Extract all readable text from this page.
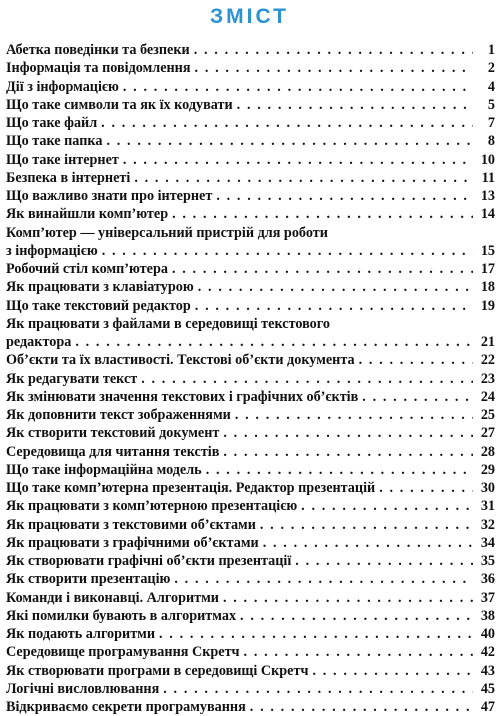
ЗМІСТ
Абетка поведінки та безпеки . . .	1
Інформація та повідомлення . . .	2
Дії з інформацією . . .	4
Що таке символи та як їх кодувати . . .	5
Що таке файл . . .	7
Що таке папка . . .	8
Що таке інтернет . . .	10
Безпека в інтернеті . . .	11
Що важливо знати про інтернет . . .	13
Як винайшли комп’ютер . . .	14
Комп’ютер — універсальний пристрій для роботи
з інформацією . . .	15
Робочий стіл комп’ютера . . .	17
Як працювати з клавіатурою . . .	18
Що таке текстовий редактор . . .	19
Як працювати з файлами в середовищі текстового
редактора . . .	21
Об’єкти та їх властивості. Текстові об’єкти документа . . .	22
Як редагувати текст . . .	23
Як змінювати значення текстових і графічних об’єктів . . .	24
Як доповнити текст зображеннями . . .	25
Як створити текстовий документ . . .	27
Середовища для читання текстів . . .	28
Що таке інформаційна модель . . .	29
Що таке комп’ютерна презентація. Редактор презентацій . . .	30
Як працювати з комп’ютерною презентацією . . .	31
Як працювати з текстовими об’єктами . . .	32
Як працювати з графічними об’єктами . . .	34
Як створювати графічні об’єкти презентації . . .	35
Як створити презентацію . . .	36
Команди і виконавці. Алгоритми . . .	37
Які помилки бувають в алгоритмах . . .	38
Як подають алгоритми . . .	40
Середовище програмування Скретч . . .	42
Як створювати програми в середовищі Скретч . . .	43
Логічні висловлювання . . .	45
Відкриваємо секрети програмування . . .	47
